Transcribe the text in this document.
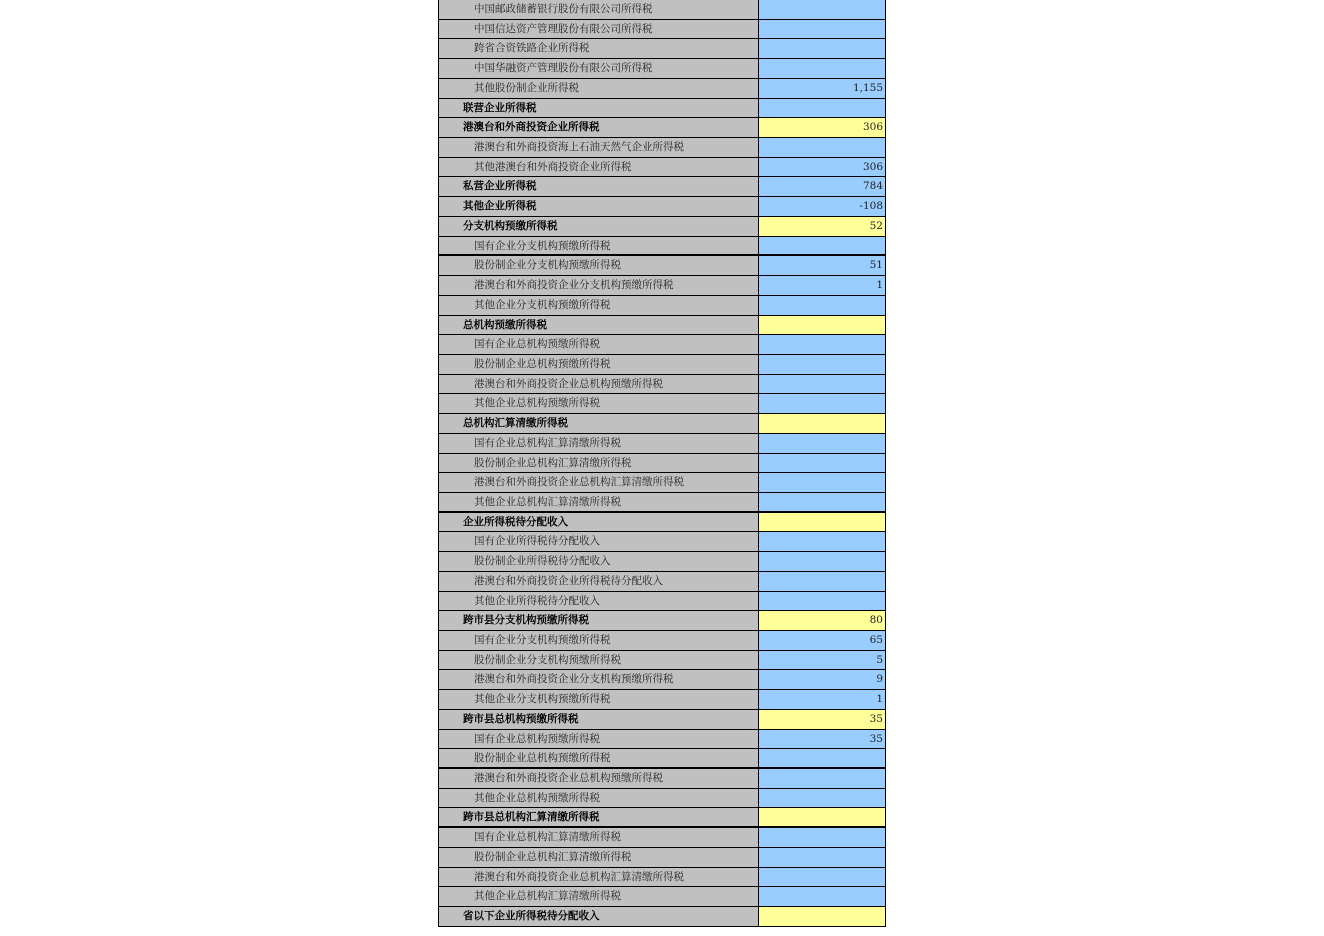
中国邮政储蓄银行股份有限公司所得税
中国信达资产管理股份有限公司所得税
跨省合资铁路企业所得税
中国华融资产管理股份有限公司所得税
其他股份制企业所得税	1,155
联营企业所得税
港澳台和外商投资企业所得税	306
港澳台和外商投资海上石油天然气企业所得税
其他港澳台和外商投资企业所得税	306
私营企业所得税	784
其他企业所得税	-108
分支机构预缴所得税	52
国有企业分支机构预缴所得税
股份制企业分支机构预缴所得税	51
港澳台和外商投资企业分支机构预缴所得税	1
其他企业分支机构预缴所得税
总机构预缴所得税
国有企业总机构预缴所得税
股份制企业总机构预缴所得税
港澳台和外商投资企业总机构预缴所得税
其他企业总机构预缴所得税
总机构汇算清缴所得税
国有企业总机构汇算清缴所得税
股份制企业总机构汇算清缴所得税
港澳台和外商投资企业总机构汇算清缴所得税
其他企业总机构汇算清缴所得税
企业所得税待分配收入
国有企业所得税待分配收入
股份制企业所得税待分配收入
港澳台和外商投资企业所得税待分配收入
其他企业所得税待分配收入
跨市县分支机构预缴所得税	80
国有企业分支机构预缴所得税	65
股份制企业分支机构预缴所得税	5
港澳台和外商投资企业分支机构预缴所得税	9
其他企业分支机构预缴所得税	1
跨市县总机构预缴所得税	35
国有企业总机构预缴所得税	35
股份制企业总机构预缴所得税
港澳台和外商投资企业总机构预缴所得税
其他企业总机构预缴所得税
跨市县总机构汇算清缴所得税
国有企业总机构汇算清缴所得税
股份制企业总机构汇算清缴所得税
港澳台和外商投资企业总机构汇算清缴所得税
其他企业总机构汇算清缴所得税
省以下企业所得税待分配收入
